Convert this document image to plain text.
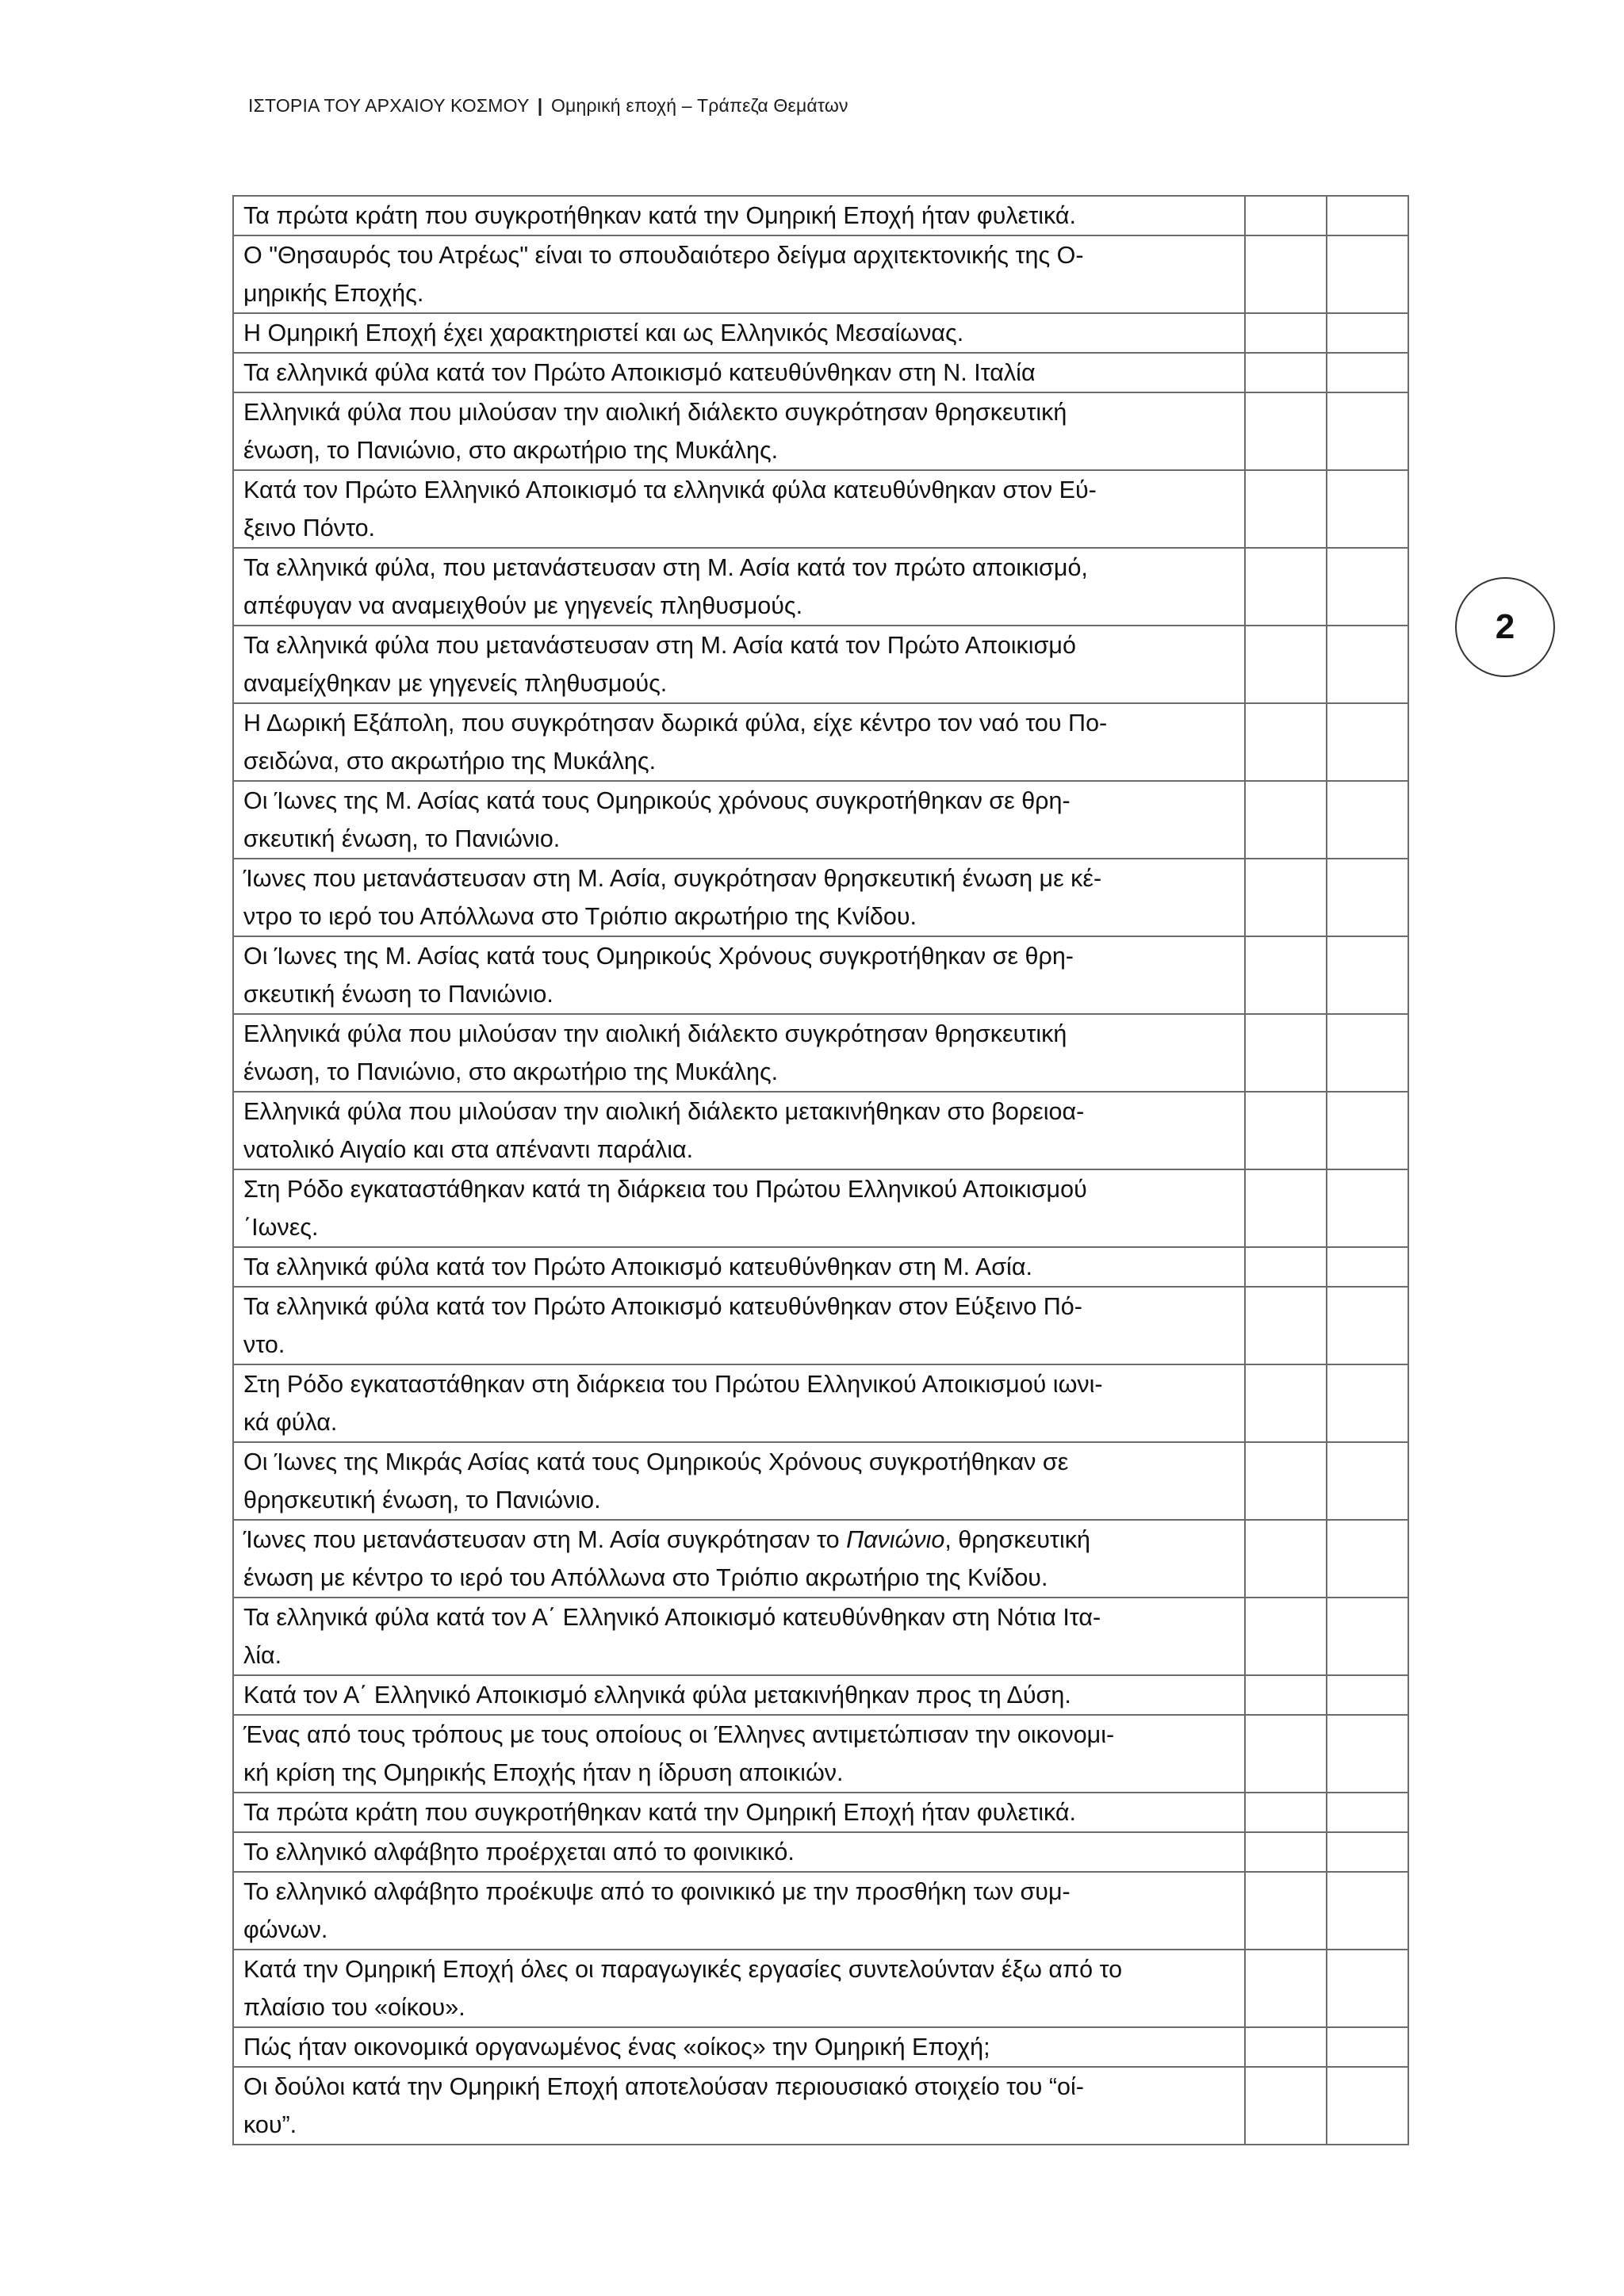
ΙΣΤΟΡΙΑ ΤΟΥ ΑΡΧΑΙΟΥ ΚΟΣΜΟΥ | Ομηρική εποχή – Τράπεζα Θεμάτων
2
Τα πρώτα κράτη που συγκροτήθηκαν κατά την Ομηρική Εποχή ήταν φυλετικά.		

Ο "Θησαυρός του Ατρέως" είναι το σπουδαιότερο δείγμα αρχιτεκτονικής της Ο-
μηρικής Εποχής.		

Η Ομηρική Εποχή έχει χαρακτηριστεί και ως Ελληνικός Μεσαίωνας.		

Τα ελληνικά φύλα κατά τον Πρώτο Αποικισμό κατευθύνθηκαν στη Ν. Ιταλία		

Ελληνικά φύλα που μιλούσαν την αιολική διάλεκτο συγκρότησαν θρησκευτική
ένωση, το Πανιώνιο, στο ακρωτήριο της Μυκάλης.		

Κατά τον Πρώτο Ελληνικό Αποικισμό τα ελληνικά φύλα κατευθύνθηκαν στον Εύ-
ξεινο Πόντο.		

Τα ελληνικά φύλα, που μετανάστευσαν στη Μ. Ασία κατά τον πρώτο αποικισμό,
απέφυγαν να αναμειχθούν με γηγενείς πληθυσμούς.		

Τα ελληνικά φύλα που μετανάστευσαν στη Μ. Ασία κατά τον Πρώτο Αποικισμό
αναμείχθηκαν με γηγενείς πληθυσμούς.		

Η Δωρική Εξάπολη, που συγκρότησαν δωρικά φύλα, είχε κέντρο τον ναό του Πο-
σειδώνα, στο ακρωτήριο της Μυκάλης.		

Οι Ίωνες της Μ. Ασίας κατά τους Ομηρικούς χρόνους συγκροτήθηκαν σε θρη-
σκευτική ένωση, το Πανιώνιο.		

Ίωνες που μετανάστευσαν στη Μ. Ασία, συγκρότησαν θρησκευτική ένωση με κέ-
ντρο το ιερό του Απόλλωνα στο Τριόπιο ακρωτήριο της Κνίδου.		

Οι Ίωνες της Μ. Ασίας κατά τους Ομηρικούς Χρόνους συγκροτήθηκαν σε θρη-
σκευτική ένωση το Πανιώνιο.		

Ελληνικά φύλα που μιλούσαν την αιολική διάλεκτο συγκρότησαν θρησκευτική
ένωση, το Πανιώνιο, στο ακρωτήριο της Μυκάλης.		

Ελληνικά φύλα που μιλούσαν την αιολική διάλεκτο μετακινήθηκαν στο βορειοα-
νατολικό Αιγαίο και στα απέναντι παράλια.		

Στη Ρόδο εγκαταστάθηκαν κατά τη διάρκεια του Πρώτου Ελληνικού Αποικισμού
΄Ιωνες.		

Τα ελληνικά φύλα κατά τον Πρώτο Αποικισμό κατευθύνθηκαν στη Μ. Ασία.		

Τα ελληνικά φύλα κατά τον Πρώτο Αποικισμό κατευθύνθηκαν στον Εύξεινο Πό-
ντο.		

Στη Ρόδο εγκαταστάθηκαν στη διάρκεια του Πρώτου Ελληνικού Αποικισμού ιωνι-
κά φύλα.		

Οι Ίωνες της Μικράς Ασίας κατά τους Ομηρικούς Χρόνους συγκροτήθηκαν σε
θρησκευτική ένωση, το Πανιώνιο.		

Ίωνες που μετανάστευσαν στη Μ. Ασία συγκρότησαν το Πανιώνιο, θρησκευτική
ένωση με κέντρο το ιερό του Απόλλωνα στο Τριόπιο ακρωτήριο της Κνίδου.		

Τα ελληνικά φύλα κατά τον Α΄ Ελληνικό Αποικισμό κατευθύνθηκαν στη Νότια Ιτα-
λία.		

Κατά τον Α΄ Ελληνικό Αποικισμό ελληνικά φύλα μετακινήθηκαν προς τη Δύση.		

Ένας από τους τρόπους με τους οποίους οι Έλληνες αντιμετώπισαν την οικονομι-
κή κρίση της Ομηρικής Εποχής ήταν η ίδρυση αποικιών.		

Τα πρώτα κράτη που συγκροτήθηκαν κατά την Ομηρική Εποχή ήταν φυλετικά.		

Το ελληνικό αλφάβητο προέρχεται από το φοινικικό.		

Το ελληνικό αλφάβητο προέκυψε από το φοινικικό με την προσθήκη των συμ-
φώνων.		

Κατά την Ομηρική Εποχή όλες οι παραγωγικές εργασίες συντελούνταν έξω από το
πλαίσιο του «οίκου».		

Πώς ήταν οικονομικά οργανωμένος ένας «οίκος» την Ομηρική Εποχή;		

Οι δούλοι κατά την Ομηρική Εποχή αποτελούσαν περιουσιακό στοιχείο του “οί-
κου”.		
